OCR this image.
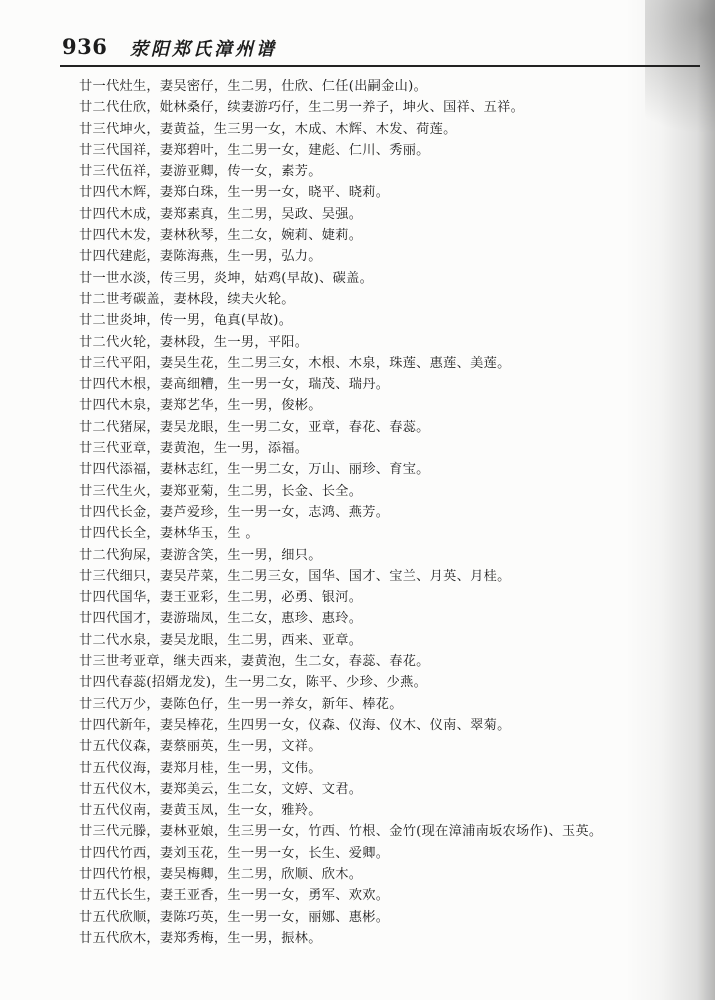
936 荥阳郑氏漳州谱
廿一代灶生，妻吴密仔，生二男，仕欣、仁任(出嗣金山)。
廿二代仕欣，妣林桑仔，续妻游巧仔，生二男一养子，坤火、国祥、五祥。
廿三代坤火，妻黄益，生三男一女，木成、木辉、木发、荷莲。
廿三代国祥，妻郑碧叶，生二男一女，建彪、仁川、秀丽。
廿三代伍祥，妻游亚卿，传一女，素芳。
廿四代木辉，妻郑白珠，生一男一女，晓平、晓莉。
廿四代木成，妻郑素真，生二男，吴政、吴强。
廿四代木发，妻林秋琴，生二女，婉莉、婕莉。
廿四代建彪，妻陈海燕，生一男，弘力。
廿一世水淡，传三男，炎坤，姑鸡(早故)、碳盖。
廿二世考碳盖，妻林段，续夫火轮。
廿二世炎坤，传一男，龟真(早故)。
廿二代火轮，妻林段，生一男，平阳。
廿三代平阳，妻吴生花，生二男三女，木根、木泉，珠莲、惠莲、美莲。
廿四代木根，妻高细糟，生一男一女，瑞茂、瑞丹。
廿四代木泉，妻郑艺华，生一男，俊彬。
廿二代猪屎，妻吴龙眼，生一男二女，亚章，春花、春蕊。
廿三代亚章，妻黄泡，生一男，添福。
廿四代添福，妻林志红，生一男二女，万山、丽珍、育宝。
廿三代生火，妻郑亚菊，生二男，长金、长全。
廿四代长金，妻芦爱珍，生一男一女，志鸿、燕芳。
廿四代长全，妻林华玉，生 。
廿二代狗屎，妻游含笑，生一男，细只。
廿三代细只，妻吴芹菜，生二男三女，国华、国才、宝兰、月英、月桂。
廿四代国华，妻王亚彩，生二男，必勇、银河。
廿四代国才，妻游瑞凤，生二女，惠珍、惠玲。
廿二代水泉，妻吴龙眼，生二男，西来、亚章。
廿三世考亚章，继夫西来，妻黄泡，生二女，春蕊、春花。
廿四代春蕊(招婿龙发)，生一男二女，陈平、少珍、少燕。
廿三代万少，妻陈色仔，生一男一养女，新年、棒花。
廿四代新年，妻吴棒花，生四男一女，仪森、仪海、仪木、仪南、翠菊。
廿五代仪森，妻蔡丽英，生一男，文祥。
廿五代仪海，妻郑月桂，生一男，文伟。
廿五代仪木，妻郑美云，生二女，文婷、文君。
廿五代仪南，妻黄玉凤，生一女，雅羚。
廿三代元滕，妻林亚娘，生三男一女，竹西、竹根、金竹(现在漳浦南坂农场作)、玉英。
廿四代竹西，妻刘玉花，生一男一女，长生、爱卿。
廿四代竹根，妻吴梅卿，生二男，欣顺、欣木。
廿五代长生，妻王亚香，生一男一女，勇军、欢欢。
廿五代欣顺，妻陈巧英，生一男一女，丽娜、惠彬。
廿五代欣木，妻郑秀梅，生一男，振林。
